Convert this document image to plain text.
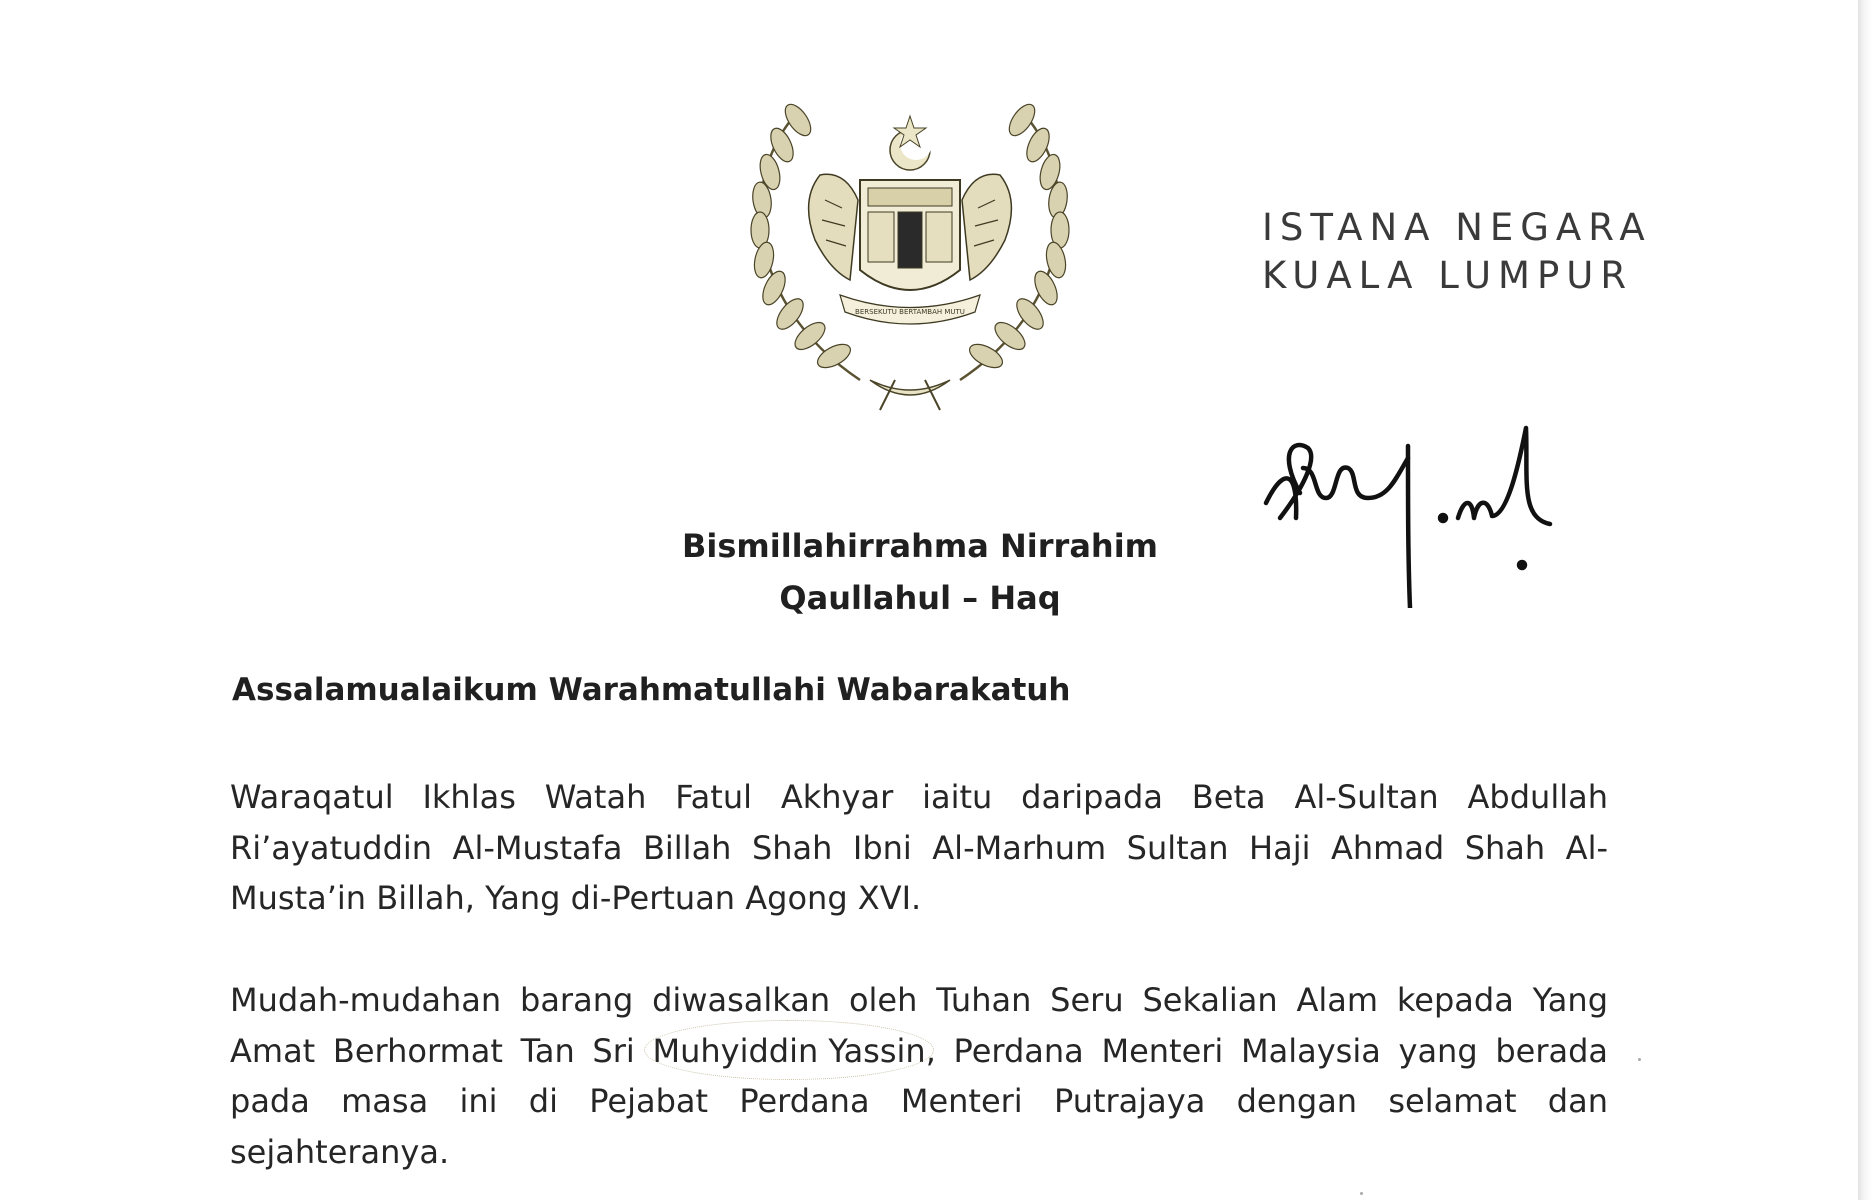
BERSEKUTU BERTAMBAH MUTU
ISTANA NEGARA
KUALA LUMPUR
Bismillahirrahma Nirrahim
Qaullahul – Haq
Assalamualaikum Warahmatullahi Wabarakatuh
Waraqatul Ikhlas Watah Fatul Akhyar iaitu daripada Beta Al-Sultan Abdullah Ri’ayatuddin Al-Mustafa Billah Shah Ibni Al-Marhum Sultan Haji Ahmad Shah Al-Musta’in Billah, Yang di-Pertuan Agong XVI.
Mudah-mudahan barang diwasalkan oleh Tuhan Seru Sekalian Alam kepada Yang Amat Berhormat Tan Sri Muhyiddin Yassin, Perdana Menteri Malaysia yang berada pada masa ini di Pejabat Perdana Menteri Putrajaya dengan selamat dan sejahteranya.
